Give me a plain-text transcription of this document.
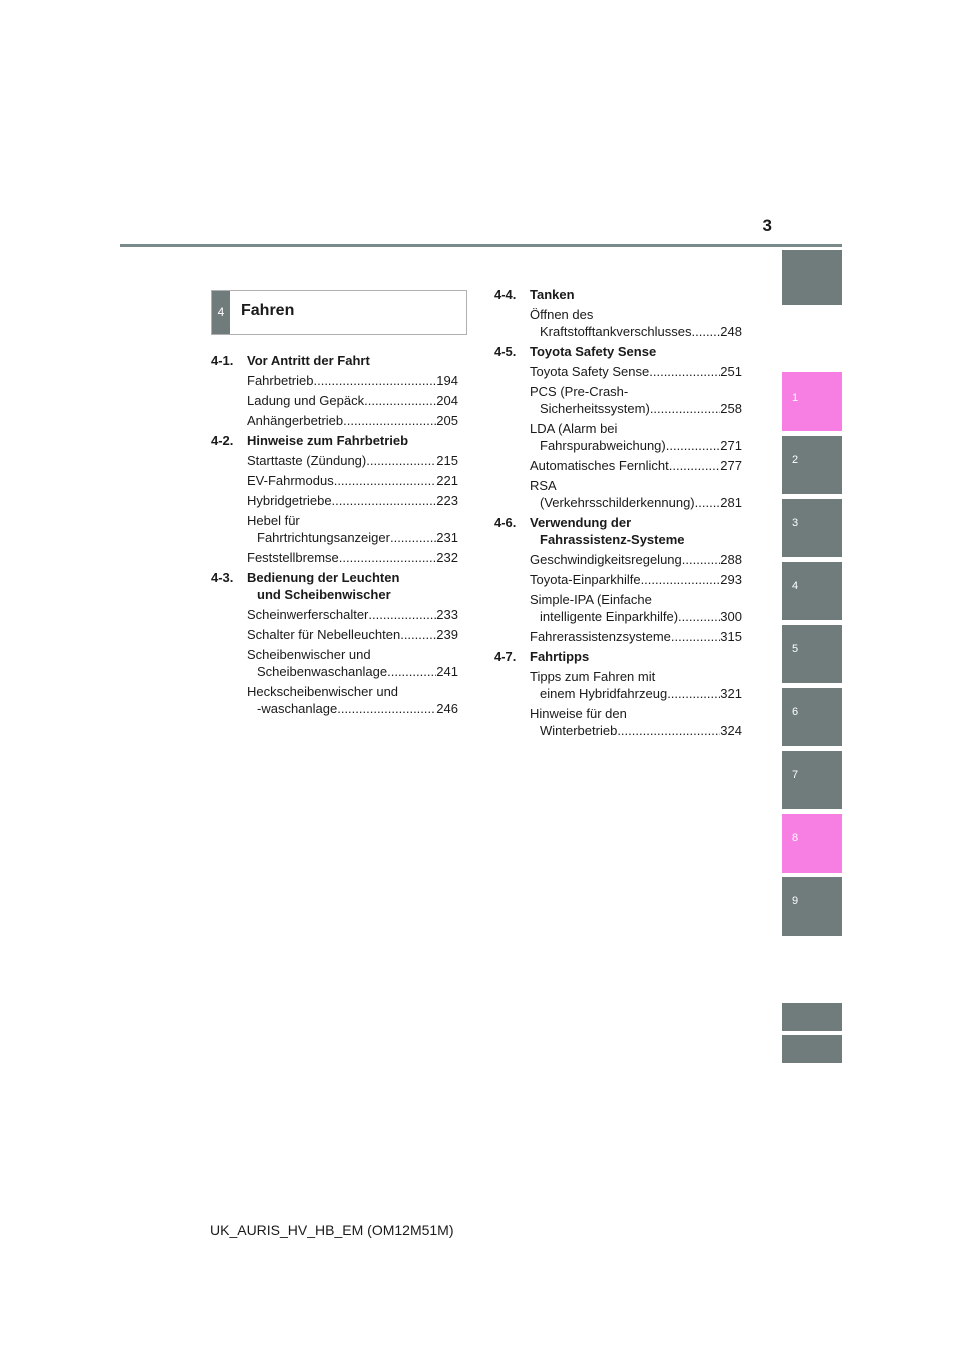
3
1
2
3
4
5
6
7
8
9
4	Fahren
4-1.	Vor Antritt der Fahrt
Fahrbetrieb .....	194
Ladung und Gepäck .....	204
Anhängerbetrieb .....	205
4-2.	Hinweise zum Fahrbetrieb
Starttaste (Zündung) .....	215
EV-Fahrmodus .....	221
Hybridgetriebe .....	223
Hebel für
Fahrtrichtungsanzeiger .....	231
Feststellbremse .....	232
4-3.	Bedienung der Leuchten
und Scheibenwischer
Scheinwerferschalter .....	233
Schalter für Nebelleuchten .....	239
Scheibenwischer und
Scheibenwaschanlage .....	241
Heckscheibenwischer und
-waschanlage .....	246
4-4.	Tanken
Öffnen des
Kraftstofftankverschlusses ..... 248
4-5.	Toyota Safety Sense
Toyota Safety Sense .....	251
PCS (Pre-Crash-
Sicherheitssystem) .....	258
LDA (Alarm bei
Fahrspurabweichung) .....	271
Automatisches Fernlicht .....	277
RSA
(Verkehrsschilderkennung) ..... 281
4-6.	Verwendung der
Fahrassistenz-Systeme
Geschwindigkeitsregelung .....	288
Toyota-Einparkhilfe .....	293
Simple-IPA (Einfache
intelligente Einparkhilfe) .....	300
Fahrerassistenzsysteme .....	315
4-7.	Fahrtipps
Tipps zum Fahren mit
einem Hybridfahrzeug .....	321
Hinweise für den
Winterbetrieb .....	324
UK_AURIS_HV_HB_EM (OM12M51M)
